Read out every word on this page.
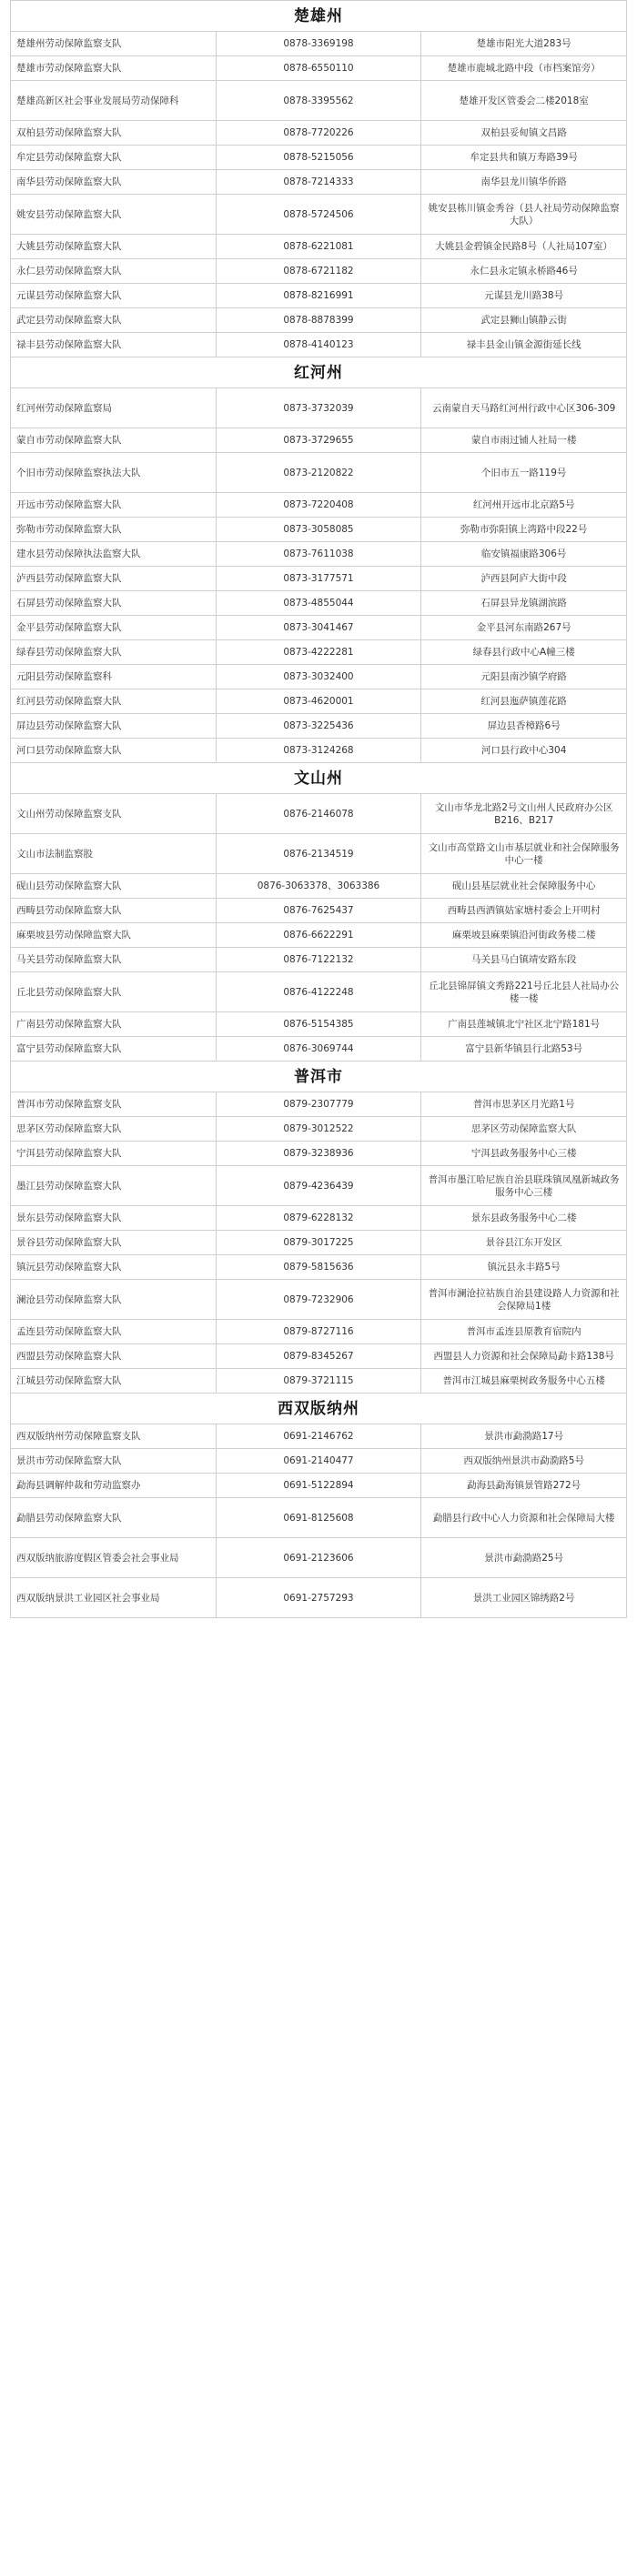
楚雄州		
楚雄州劳动保障监察支队	0878-3369198	楚雄市阳光大道283号
楚雄市劳动保障监察大队	0878-6550110	楚雄市鹿城北路中段（市档案馆旁）
楚雄高新区社会事业发展局劳动保障科	0878-3395562	楚雄开发区管委会二楼2018室
双柏县劳动保障监察大队	0878-7720226	双柏县妥甸镇文昌路
牟定县劳动保障监察大队	0878-5215056	牟定县共和镇万寿路39号
南华县劳动保障监察大队	0878-7214333	南华县龙川镇华侨路
姚安县劳动保障监察大队	0878-5724506	姚安县栋川镇金秀谷（县人社局劳动保障监察大队）
大姚县劳动保障监察大队	0878-6221081	大姚县金碧镇金民路8号（人社局107室）
永仁县劳动保障监察大队	0878-6721182	永仁县永定镇永桥路46号
元谋县劳动保障监察大队	0878-8216991	元谋县龙川路38号
武定县劳动保障监察大队	0878-8878399	武定县狮山镇静云街
禄丰县劳动保障监察大队	0878-4140123	禄丰县金山镇金源街延长线
红河州		
红河州劳动保障监察局	0873-3732039	云南蒙自天马路红河州行政中心区306-309
蒙自市劳动保障监察大队	0873-3729655	蒙自市雨过铺人社局一楼
个旧市劳动保障监察执法大队	0873-2120822	个旧市五一路119号
开远市劳动保障监察大队	0873-7220408	红河州开远市北京路5号
弥勒市劳动保障监察大队	0873-3058085	弥勒市弥阳镇上湾路中段22号
建水县劳动保障执法监察大队	0873-7611038	临安镇福康路306号
泸西县劳动保障监察大队	0873-3177571	泸西县阿庐大街中段
石屏县劳动保障监察大队	0873-4855044	石屏县异龙镇湖滨路
金平县劳动保障监察大队	0873-3041467	金平县河东南路267号
绿春县劳动保障监察大队	0873-4222281	绿春县行政中心A幢三楼
元阳县劳动保障监察科	0873-3032400	元阳县南沙镇学府路
红河县劳动保障监察大队	0873-4620001	红河县迤萨镇莲花路
屏边县劳动保障监察大队	0873-3225436	屏边县香樟路6号
河口县劳动保障监察大队	0873-3124268	河口县行政中心304
文山州		
文山州劳动保障监察支队	0876-2146078	文山市华龙北路2号文山州人民政府办公区B216、B217
文山市法制监察股	0876-2134519	文山市高堂路文山市基层就业和社会保障服务中心一楼
砚山县劳动保障监察大队	0876-3063378、3063386	砚山县基层就业社会保障服务中心
西畴县劳动保障监察大队	0876-7625437	西畴县西洒镇姑家塘村委会上开明村
麻栗坡县劳动保障监察大队	0876-6622291	麻栗坡县麻栗镇沿河街政务楼二楼
马关县劳动保障监察大队	0876-7122132	马关县马白镇靖安路东段
丘北县劳动保障监察大队	0876-4122248	丘北县锦屏镇文秀路221号丘北县人社局办公楼一楼
广南县劳动保障监察大队	0876-5154385	广南县莲城镇北宁社区北宁路181号
富宁县劳动保障监察大队	0876-3069744	富宁县新华镇县行北路53号
普洱市		
普洱市劳动保障监察支队	0879-2307779	普洱市思茅区月光路1号
思茅区劳动保障监察大队	0879-3012522	思茅区劳动保障监察大队
宁洱县劳动保障监察大队	0879-3238936	宁洱县政务服务中心三楼
墨江县劳动保障监察大队	0879-4236439	普洱市墨江哈尼族自治县联珠镇凤凰新城政务服务中心三楼
景东县劳动保障监察大队	0879-6228132	景东县政务服务中心二楼
景谷县劳动保障监察大队	0879-3017225	景谷县江东开发区
镇沅县劳动保障监察大队	0879-5815636	镇沅县永丰路5号
澜沧县劳动保障监察大队	0879-7232906	普洱市澜沧拉祜族自治县建设路人力资源和社会保障局1楼
孟连县劳动保障监察大队	0879-8727116	普洱市孟连县原教育宿院内
西盟县劳动保障监察大队	0879-8345267	西盟县人力资源和社会保障局勐卡路138号
江城县劳动保障监察大队	0879-3721115	普洱市江城县麻栗树政务服务中心五楼
西双版纳州		
西双版纳州劳动保障监察支队	0691-2146762	景洪市勐泐路17号
景洪市劳动保障监察大队	0691-2140477	西双版纳州景洪市勐泐路5号
勐海县调解仲裁和劳动监察办	0691-5122894	勐海县勐海镇景管路272号
勐腊县劳动保障监察大队	0691-8125608	勐腊县行政中心人力资源和社会保障局大楼
西双版纳旅游度假区管委会社会事业局	0691-2123606	景洪市勐泐路25号
西双版纳景洪工业园区社会事业局	0691-2757293	景洪工业园区锦绣路2号
